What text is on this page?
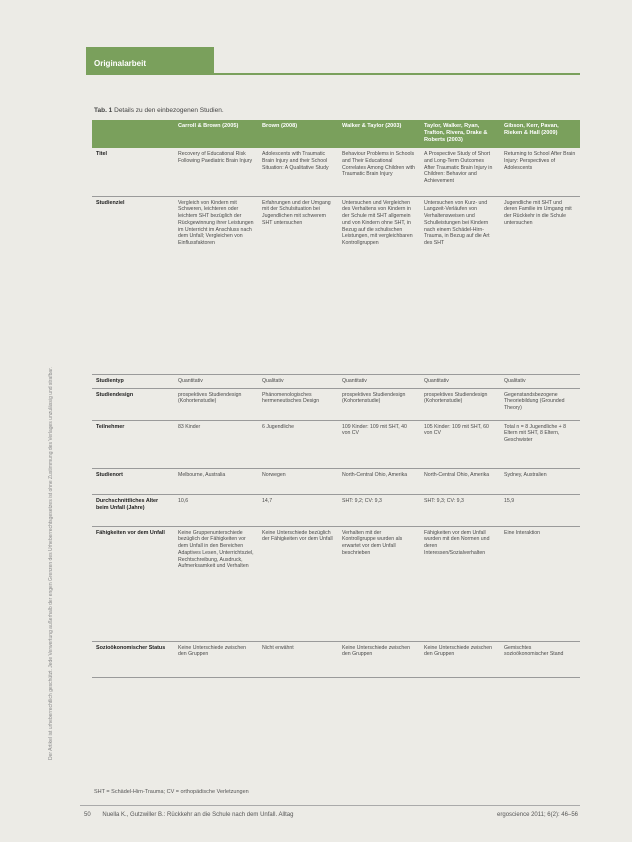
Originalarbeit
Der Artikel ist urheberrechtlich geschützt. Jede Verwertung außerhalb der engen Grenzen des Urheberrechtsgesetzes ist ohne Zustimmung des Verlages unzulässig und strafbar.
Tab. 1 Details zu den einbezogenen Studien.
	Carroll & Brown (2005)	Brown (2008)	Walker & Taylor (2003)	Taylor, Walker, Ryan, Trafton, Rivera, Drake & Roberts (2003)	Gibson, Kerr, Pavan, Rieken & Hall (2009)
Titel	Recovery of Educational Risk Following Paediatric Brain Injury	Adolescents with Traumatic Brain Injury and their School Situation: A Qualitative Study	Behaviour Problems in Schools and Their Educational Correlates Among Children with Traumatic Brain Injury	A Prospective Study of Short and Long-Term Outcomes After Traumatic Brain Injury in Children: Behavior and Achievement	Returning to School After Brain Injury: Perspectives of Adolescents
Studienziel	Vergleich von Kindern mit Schweren, leichteren oder leichtem SHT bezüglich der Rückgewinnung ihrer Leistungen im Unterricht im Anschluss nach dem Unfall; Vergleichen von Einflussfaktoren	Erfahrungen und der Umgang mit der Schulsituation bei Jugendlichen mit schwerem SHT untersuchen	Untersuchen und Vergleichen des Verhaltens von Kindern in der Schule mit SHT allgemein und von Kindern ohne SHT, in Bezug auf die schulischen Leistungen, mit vergleichbaren Kontrollgruppen	Untersuchen von Kurz- und Langzeit-Verläufen von Verhaltensweisen und Schulleistungen bei Kindern nach einem Schädel-Hirn-Trauma, in Bezug auf die Art des SHT	Jugendliche mit SHT und deren Familie im Umgang mit der Rückkehr in die Schule untersuchen
Studientyp	Quantitativ	Qualitativ	Quantitativ	Quantitativ	Qualitativ
Studiendesign	prospektives Studiendesign (Kohortenstudie)	Phänomenologisches hermeneutisches Design	prospektives Studiendesign (Kohortenstudie)	prospektives Studiendesign (Kohortenstudie)	Gegenstandsbezogene Theoriebildung (Grounded Theory)
Teilnehmer	83 Kinder	6 Jugendliche	109 Kinder: 109 mit SHT, 40 von CV	105 Kinder: 109 mit SHT, 60 von CV	Total n = 8 Jugendliche + 8 Eltern mit SHT, 8 Eltern, Geschwister
Studienort	Melbourne, Australia	Norwegen	North-Central Ohio, Amerika	North-Central Ohio, Amerika	Sydney, Australien
Durchschnittliches Alter beim Unfall (Jahre)	10,6	14,7	SHT: 9,2; CV: 9,3	SHT: 9,3; CV: 9,3	15,9
Fähigkeiten vor dem Unfall	Keine Gruppenunterschiede bezüglich der Fähigkeiten vor dem Unfall in den Bereichen Adaptives Lesen, Unterrichtsziel, Rechtschreibung, Ausdruck, Aufmerksamkeit und Verhalten	Keine Unterschiede bezüglich der Fähigkeiten vor dem Unfall	Verhalten mit der Kontrollgruppe wurden als erwartet vor dem Unfall beschrieben	Fähigkeiten vor dem Unfall wurden mit den Normen und deren Interessen/Sozialverhalten	Eine Interaktion
Sozioökonomischer Status	Keine Unterschiede zwischen den Gruppen	Nicht erwähnt	Keine Unterschiede zwischen den Gruppen	Keine Unterschiede zwischen den Gruppen	Gemischtes sozioökonomischer Stand
SHT = Schädel-Hirn-Trauma; CV = orthopädische Verletzungen
50 Nuella K., Gutzwiller B.: Rückkehr an die Schule nach dem Unfall. Alltag	ergoscience 2011; 6(2): 46–56
